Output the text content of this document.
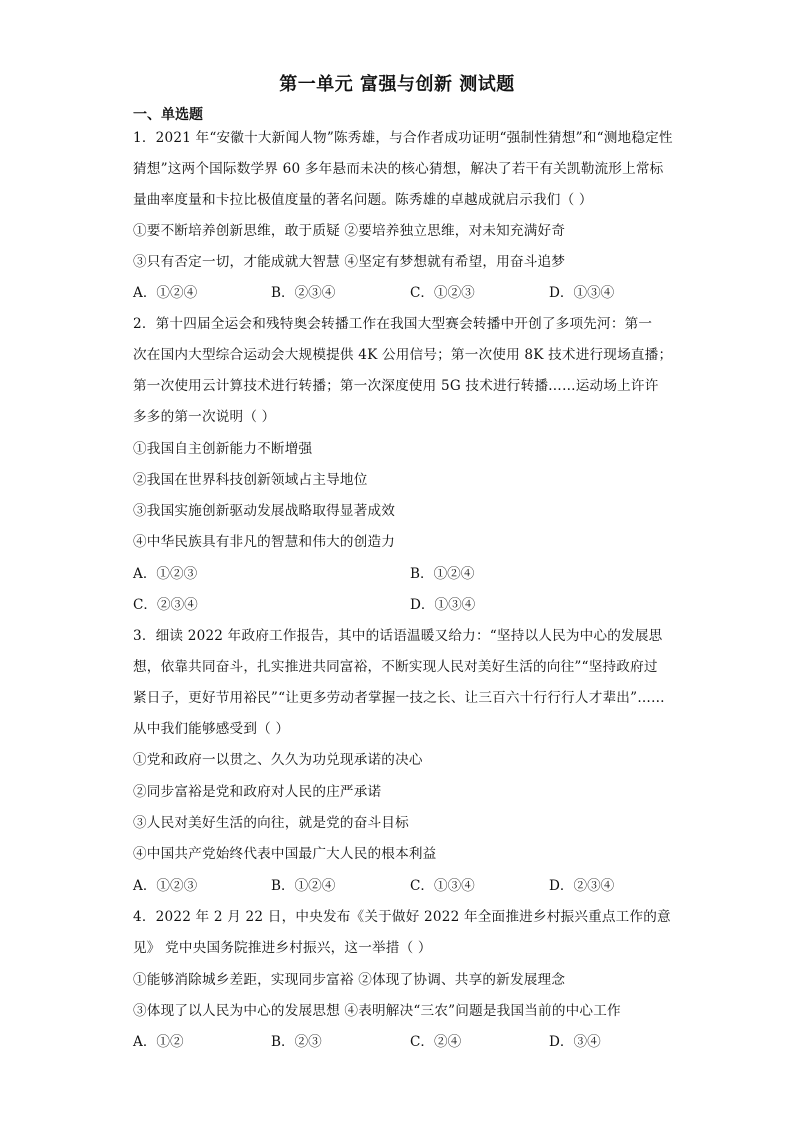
第一单元 富强与创新 测试题
一、单选题
1．2021 年“安徽十大新闻人物”陈秀雄，与合作者成功证明“强制性猜想”和“测地稳定性
猜想”这两个国际数学界 60 多年悬而未决的核心猜想，解决了若干有关凯勒流形上常标
量曲率度量和卡拉比极值度量的著名问题。陈秀雄的卓越成就启示我们（ ）
①要不断培养创新思维，敢于质疑 ②要培养独立思维，对未知充满好奇
③只有否定一切，才能成就大智慧 ④坚定有梦想就有希望，用奋斗追梦
A．①②④	B．②③④	C．①②③	D．①③④
2．第十四届全运会和残特奥会转播工作在我国大型赛会转播中开创了多项先河：第一
次在国内大型综合运动会大规模提供 4K 公用信号；第一次使用 8K 技术进行现场直播；
第一次使用云计算技术进行转播；第一次深度使用 5G 技术进行转播……运动场上许许
多多的第一次说明（ ）
①我国自主创新能力不断增强
②我国在世界科技创新领域占主导地位
③我国实施创新驱动发展战略取得显著成效
④中华民族具有非凡的智慧和伟大的创造力
A．①②③	B．①②④
C．②③④	D．①③④
3．细读 2022 年政府工作报告，其中的话语温暖又给力：“坚持以人民为中心的发展思
想，依靠共同奋斗，扎实推进共同富裕，不断实现人民对美好生活的向往”“坚持政府过
紧日子，更好节用裕民”“让更多劳动者掌握一技之长、让三百六十行行行人才辈出”……
从中我们能够感受到（ ）
①党和政府一以贯之、久久为功兑现承诺的决心
②同步富裕是党和政府对人民的庄严承诺
③人民对美好生活的向往，就是党的奋斗目标
④中国共产党始终代表中国最广大人民的根本利益
A．①②③	B．①②④	C．①③④	D．②③④
4．2022 年 2 月 22 日，中央发布《关于做好 2022 年全面推进乡村振兴重点工作的意
见》 党中央国务院推进乡村振兴，这一举措（ ）
①能够消除城乡差距，实现同步富裕 ②体现了协调、共享的新发展理念
③体现了以人民为中心的发展思想 ④表明解决“三农”问题是我国当前的中心工作
A．①②	B．②③	C．②④	D．③④
